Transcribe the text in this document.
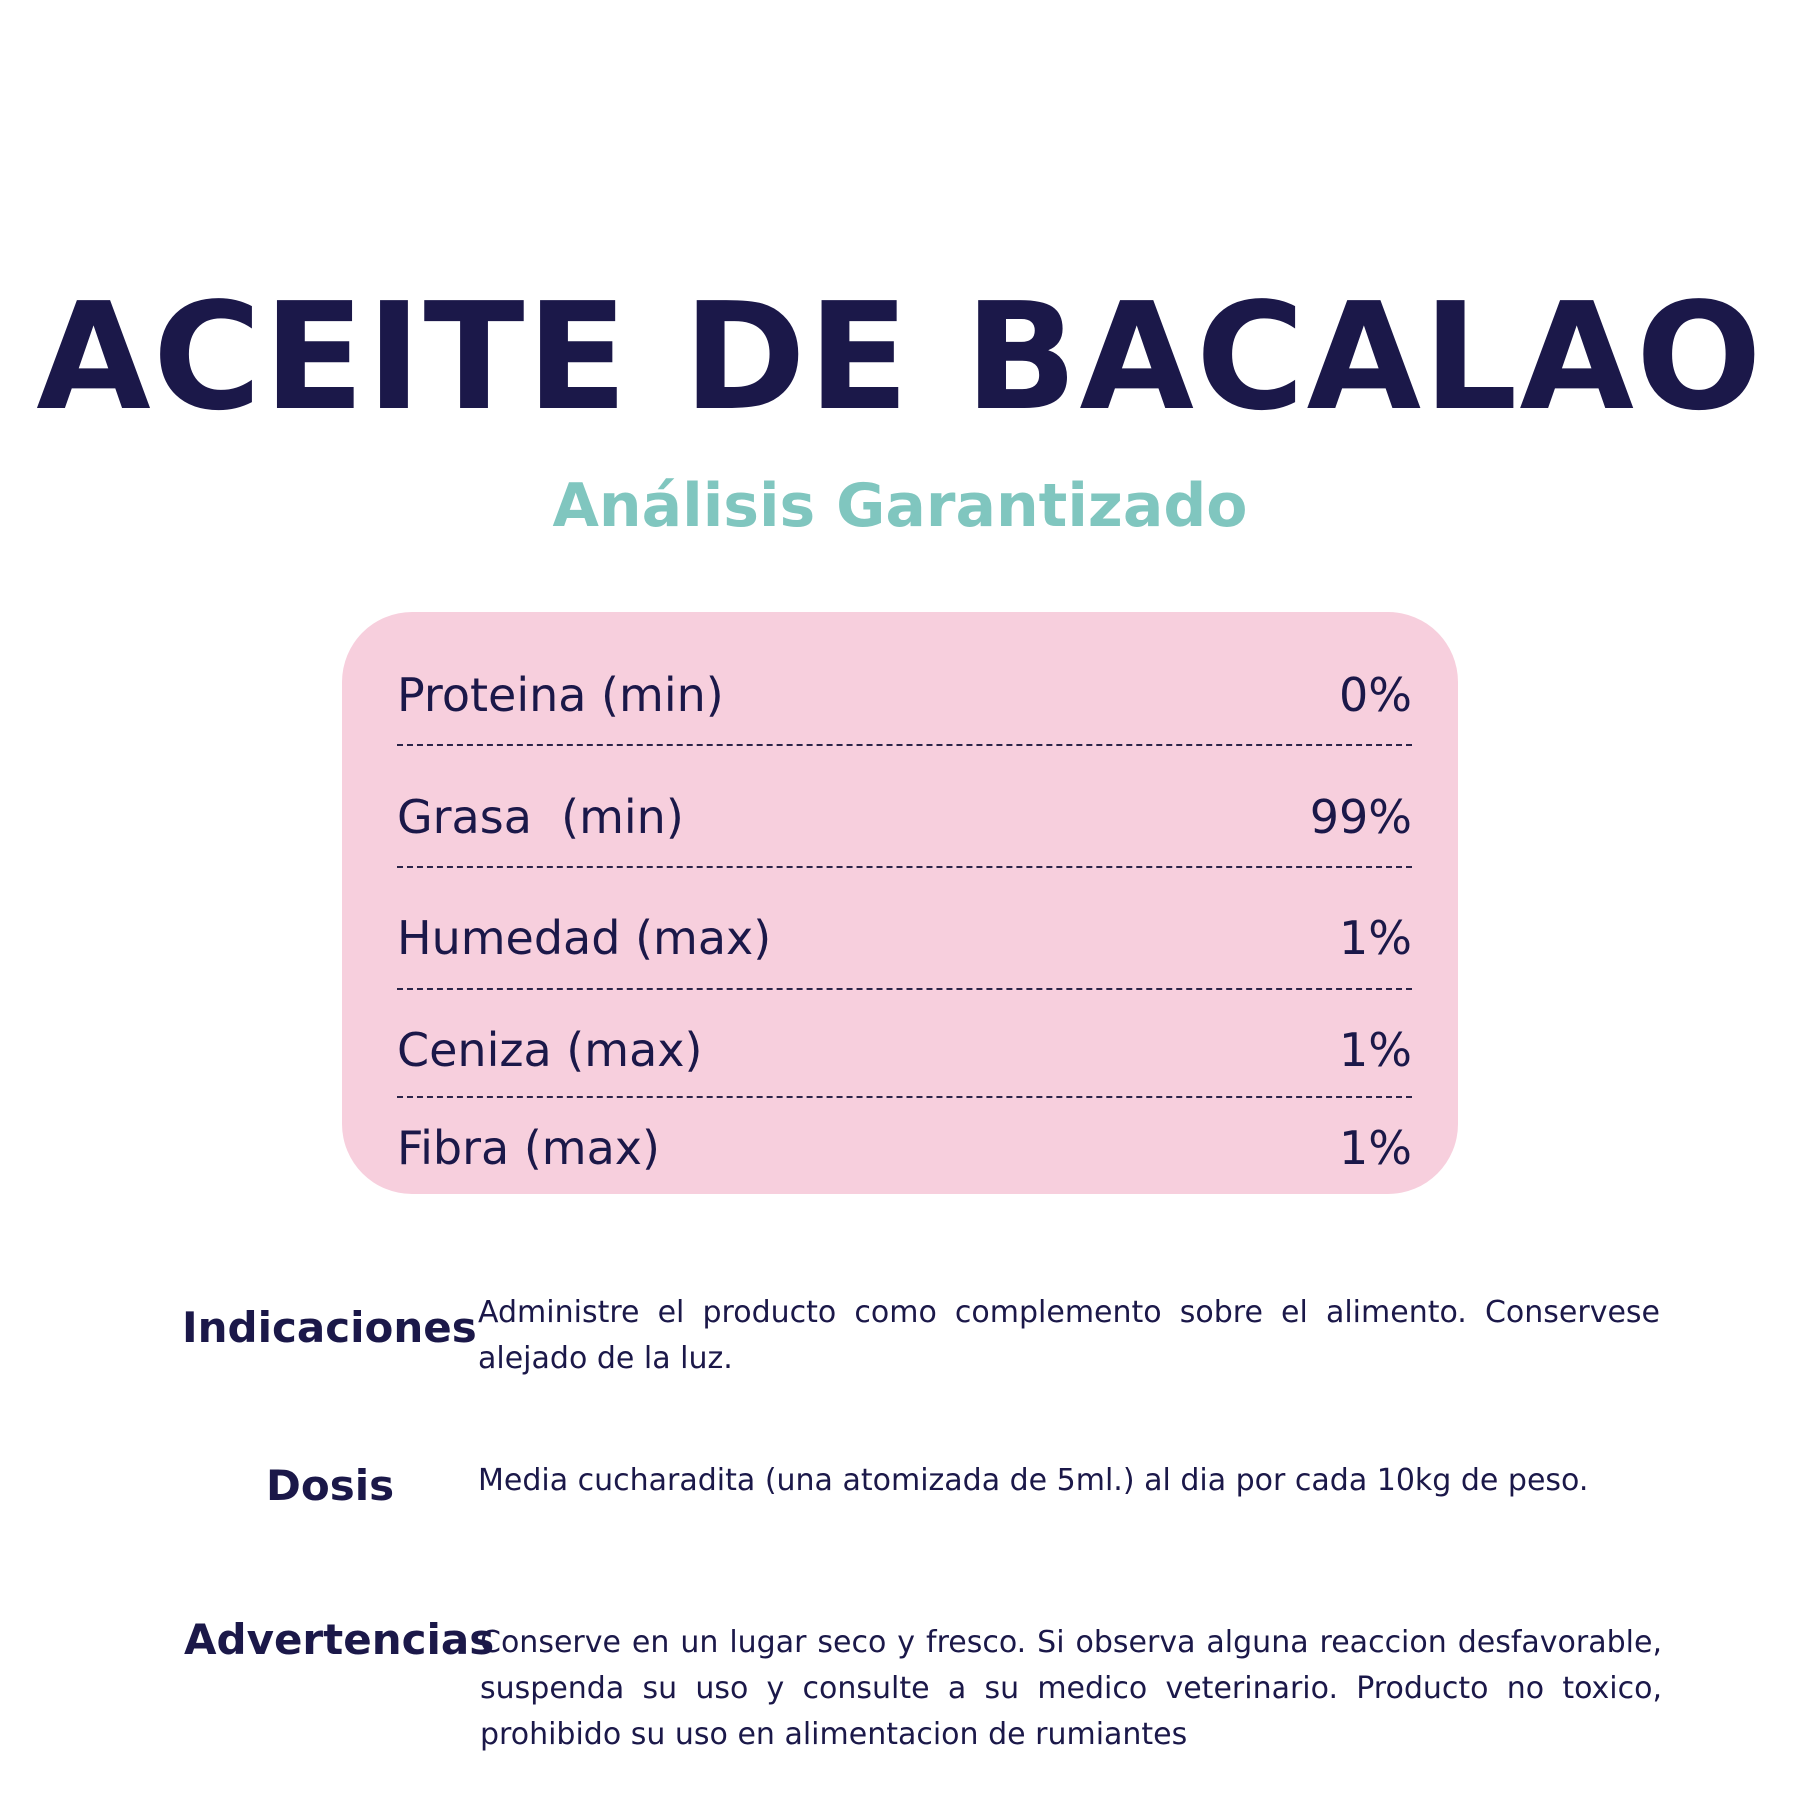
ACEITE DE BACALAO
Análisis Garantizado
Proteina (min)	0%
Grasa  (min)	99%
Humedad (max)	1%
Ceniza (max)	1%
Fibra (max)	1%
Indicaciones Administre el producto como complemento sobre el alimento. Conservese alejado de la luz.
Dosis	Media cucharadita (una atomizada de 5ml.) al dia por cada 10kg de peso.
Advertencias
Conserve en un lugar seco y fresco. Si observa alguna reaccion desfavorable, suspenda su uso y consulte a su medico veterinario. Producto no toxico, prohibido su uso en alimentacion de rumiantes
